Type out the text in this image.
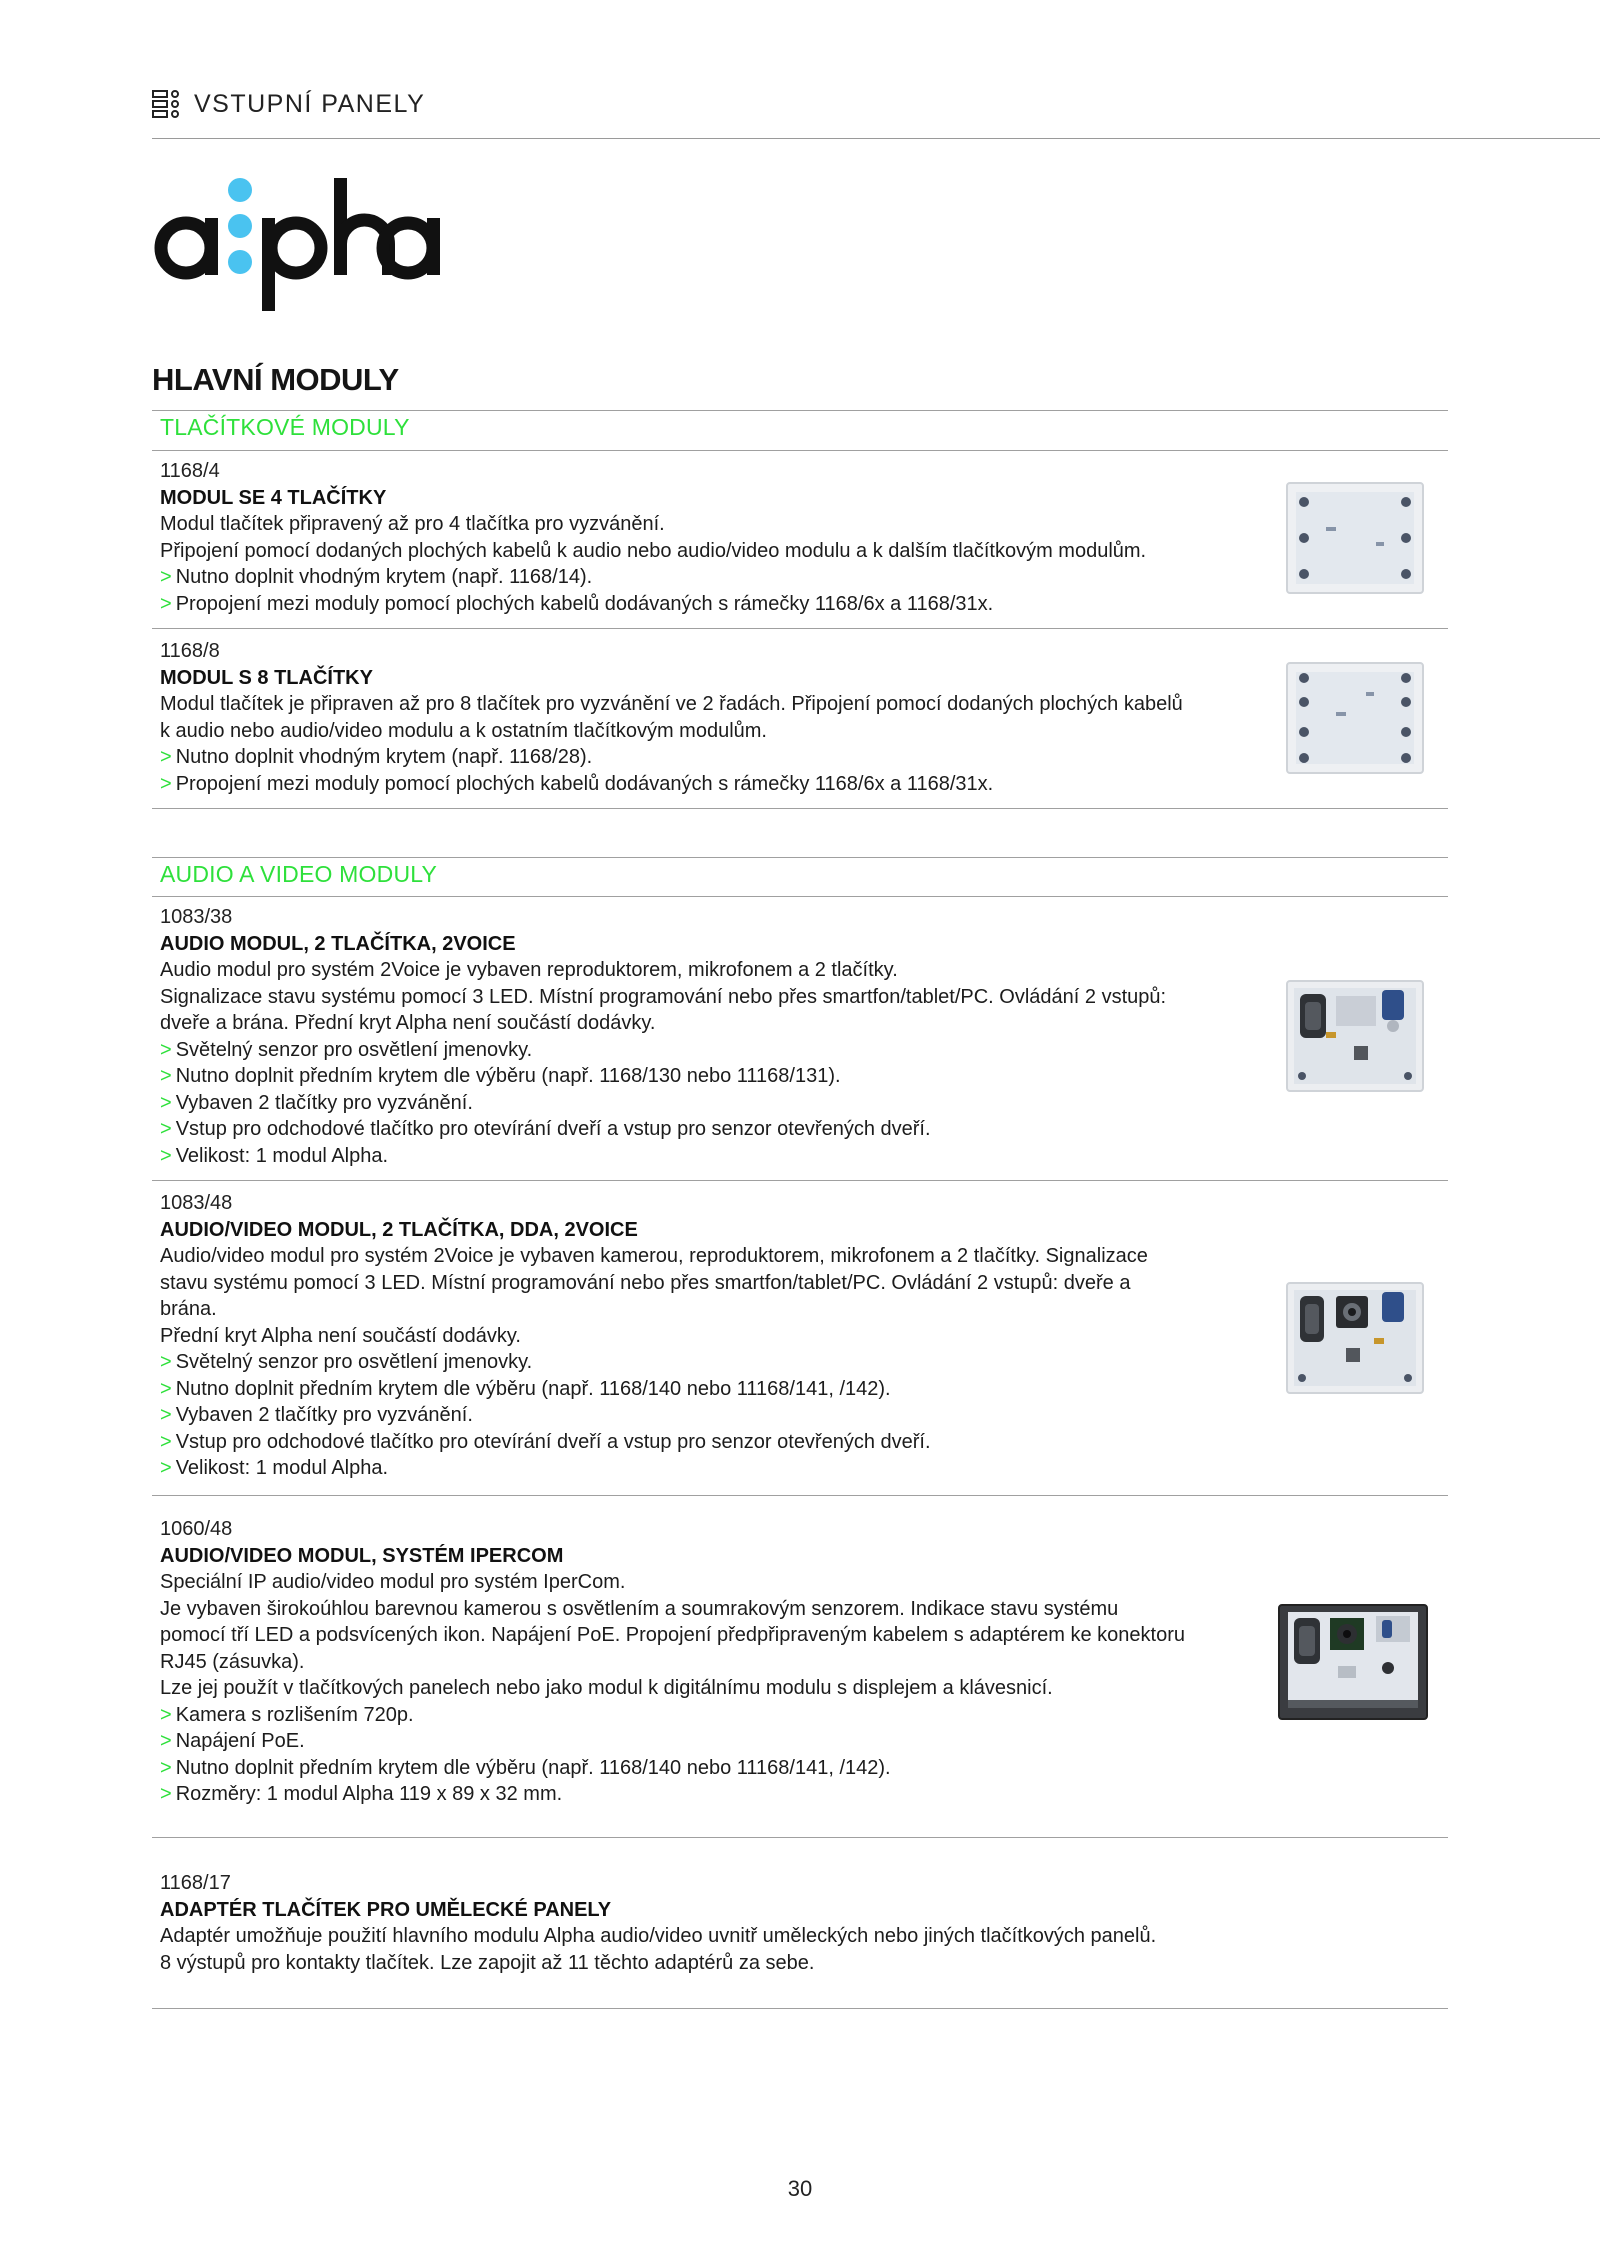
VSTUPNÍ PANELY
HLAVNÍ MODULY
TLAČÍTKOVÉ MODULY
1168/4
MODUL SE 4 TLAČÍTKY
Modul tlačítek připravený až pro 4 tlačítka pro vyzvánění.
Připojení pomocí dodaných plochých kabelů k audio nebo audio/video modulu a k dalším tlačítkovým modulům.
> Nutno doplnit vhodným krytem (např. 1168/14).
> Propojení mezi moduly pomocí plochých kabelů dodávaných s rámečky 1168/6x a 1168/31x.
1168/8
MODUL S 8 TLAČÍTKY
Modul tlačítek je připraven až pro 8 tlačítek pro vyzvánění ve 2 řadách. Připojení pomocí dodaných plochých kabelů
k audio nebo audio/video modulu a k ostatním tlačítkovým modulům.
> Nutno doplnit vhodným krytem (např. 1168/28).
> Propojení mezi moduly pomocí plochých kabelů dodávaných s rámečky 1168/6x a 1168/31x.
AUDIO A VIDEO MODULY
1083/38
AUDIO MODUL, 2 TLAČÍTKA, 2VOICE
Audio modul pro systém 2Voice je vybaven reproduktorem, mikrofonem a 2 tlačítky.
Signalizace stavu systému pomocí 3 LED. Místní programování nebo přes smartfon/tablet/PC. Ovládání 2 vstupů:
dveře a brána. Přední kryt Alpha není součástí dodávky.
> Světelný senzor pro osvětlení jmenovky.
> Nutno doplnit předním krytem dle výběru (např. 1168/130 nebo 11168/131).
> Vybaven 2 tlačítky pro vyzvánění.
> Vstup pro odchodové tlačítko pro otevírání dveří a vstup pro senzor otevřených dveří.
> Velikost: 1 modul Alpha.
1083/48
AUDIO/VIDEO MODUL, 2 TLAČÍTKA, DDA, 2VOICE
Audio/video modul pro systém 2Voice je vybaven kamerou, reproduktorem, mikrofonem a 2 tlačítky. Signalizace
stavu systému pomocí 3 LED. Místní programování nebo přes smartfon/tablet/PC. Ovládání 2 vstupů: dveře a
brána.
Přední kryt Alpha není součástí dodávky.
> Světelný senzor pro osvětlení jmenovky.
> Nutno doplnit předním krytem dle výběru (např. 1168/140 nebo 11168/141, /142).
> Vybaven 2 tlačítky pro vyzvánění.
> Vstup pro odchodové tlačítko pro otevírání dveří a vstup pro senzor otevřených dveří.
> Velikost: 1 modul Alpha.
1060/48
AUDIO/VIDEO MODUL, SYSTÉM IPERCOM
Speciální IP audio/video modul pro systém IperCom.
Je vybaven širokoúhlou barevnou kamerou s osvětlením a soumrakovým senzorem. Indikace stavu systému
pomocí tří LED a podsvícených ikon. Napájení PoE. Propojení předpřipraveným kabelem s adaptérem ke konektoru
RJ45 (zásuvka).
Lze jej použít v tlačítkových panelech nebo jako modul k digitálnímu modulu s displejem a klávesnicí.
> Kamera s rozlišením 720p.
> Napájení PoE.
> Nutno doplnit předním krytem dle výběru (např. 1168/140 nebo 11168/141, /142).
> Rozměry: 1 modul Alpha 119 x 89 x 32 mm.
1168/17
ADAPTÉR TLAČÍTEK PRO UMĚLECKÉ PANELY
Adaptér umožňuje použití hlavního modulu Alpha audio/video uvnitř uměleckých nebo jiných tlačítkových panelů.
8 výstupů pro kontakty tlačítek. Lze zapojit až 11 těchto adaptérů za sebe.
30
